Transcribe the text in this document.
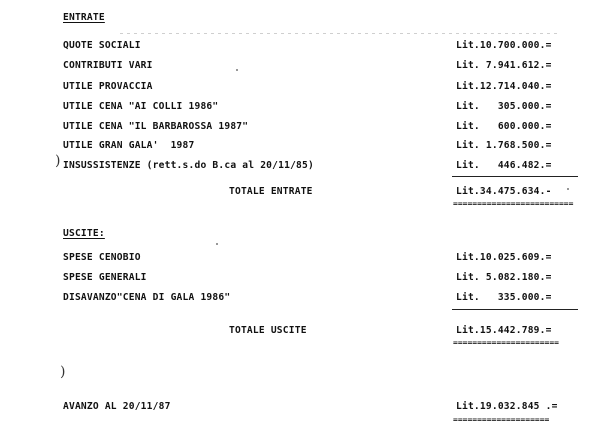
ENTRATE
QUOTE SOCIALI	Lit.10.700.000.=
CONTRIBUTI VARI	Lit. 7.941.612.=
UTILE PROVACCIA	Lit.12.714.040.=
UTILE CENA "AI COLLI 1986"	Lit.   305.000.=
UTILE CENA "IL BARBAROSSA 1987"	Lit.   600.000.=
UTILE GRAN GALA'  1987	Lit. 1.768.500.=
) INSUSSISTENZE (rett.s.do B.ca al 20/11/85)	Lit.   446.482.=
TOTALE ENTRATE	Lit.34.475.634.-
=========================
USCITE:
SPESE CENOBIO	Lit.10.025.609.=
SPESE GENERALI	Lit. 5.082.180.=
DISAVANZO"CENA DI GALA 1986"	Lit.   335.000.=
TOTALE USCITE	Lit.15.442.789.=
======================
)
AVANZO AL 20/11/87	Lit.19.032.845 .=
====================
